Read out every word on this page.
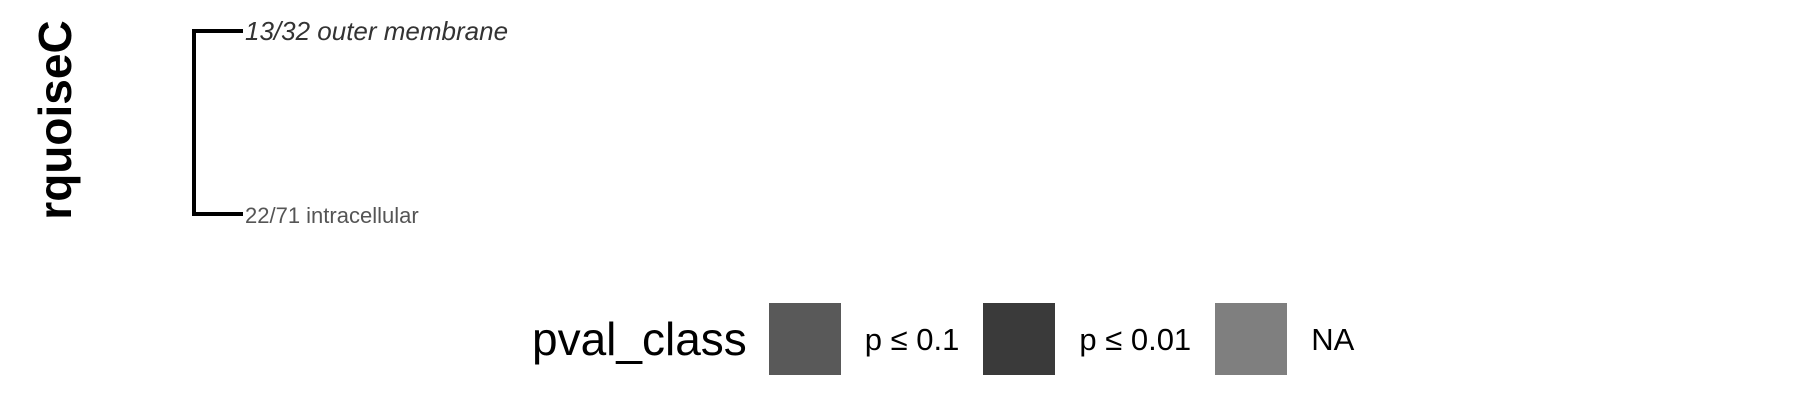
rquoiseC	13/32 outer membrane
22/71 intracellular
pval_class	p ≤ 0.1	p ≤ 0.01	NA
